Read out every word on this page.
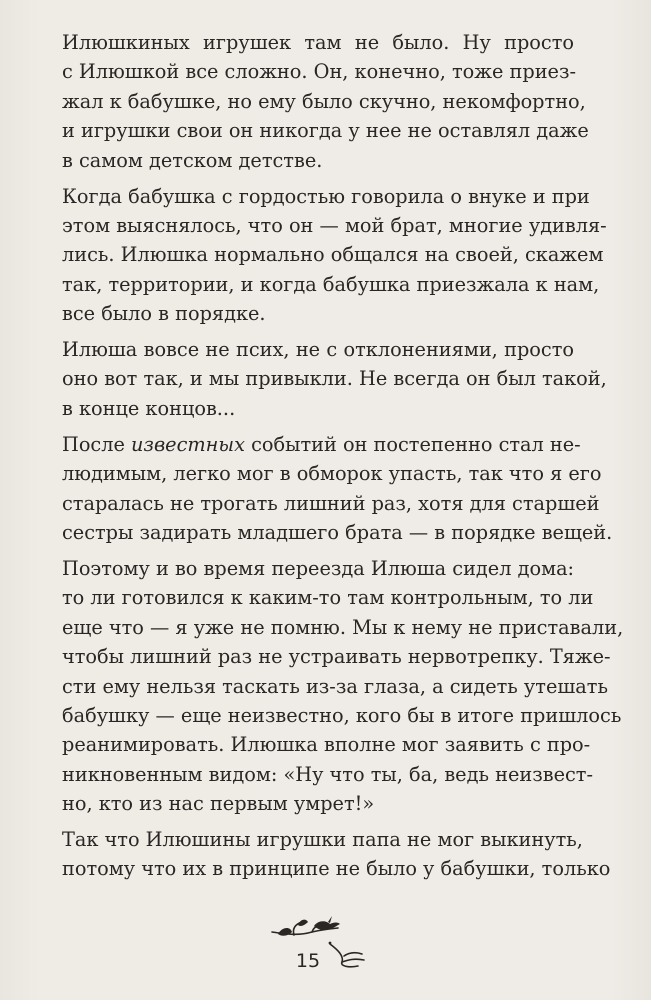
Илюшкиных игрушек там не было. Ну просто
с Илюшкой все сложно. Он, конечно, тоже приез-
жал к бабушке, но ему было скучно, некомфортно,
и игрушки свои он никогда у нее не оставлял даже
в самом детском детстве.

Когда бабушка с гордостью говорила о внуке и при
этом выяснялось, что он — мой брат, многие удивля-
лись. Илюшка нормально общался на своей, скажем
так, территории, и когда бабушка приезжала к нам,
все было в порядке.

Илюша вовсе не псих, не с отклонениями, просто
оно вот так, и мы привыкли. Не всегда он был такой,
в конце концов...

После известных событий он постепенно стал не-
людимым, легко мог в обморок упасть, так что я его
старалась не трогать лишний раз, хотя для старшей
сестры задирать младшего брата — в порядке вещей.

Поэтому и во время переезда Илюша сидел дома:
то ли готовился к каким-то там контрольным, то ли
еще что — я уже не помню. Мы к нему не приставали,
чтобы лишний раз не устраивать нервотрепку. Тяже-
сти ему нельзя таскать из-за глаза, а сидеть утешать
бабушку — еще неизвестно, кого бы в итоге пришлось
реанимировать. Илюшка вполне мог заявить с про-
никновенным видом: «Ну что ты, ба, ведь неизвест-
но, кто из нас первым умрет!»

Так что Илюшины игрушки папа не мог выкинуть,
потому что их в принципе не было у бабушки, только

15
